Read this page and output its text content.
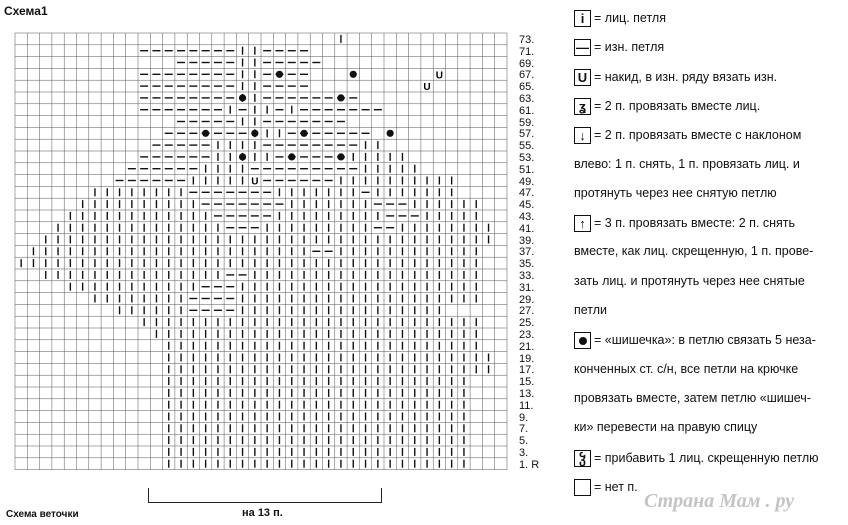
Схема1
U
U
U
73.
71.
69.
67.
65.
63.
61.
59.
57.
55.
53.
51.
49.
47.
45.
43.
41.
39.
37.
35.
33.
31.
29.
27.
25.
23.
21.
19.
17.
15.
13.
11.
9.
7.
5.
3.
1. R
на 13 п.
Схема веточки
i = лиц. петля
— = изн. петля
U = накид, в изн. ряду вязать изн.
ʓ = 2 п. провязать вместе лиц.
↓ = 2 п. провязать вместе с наклоном
влево: 1 п. снять, 1 п. провязать лиц. и
протянуть через нее снятую петлю
↑ = 3 п. провязать вместе: 2 п. снять
вместе, как лиц. скрещенную, 1 п. прове-
зать лиц. и протянуть через нее снятые
петли
= «шишечка»: в петлю связать 5 неза-
конченных ст. с/н, все петли на крючке
провязать вместе, затем петлю «шишеч-
ки» перевести на правую спицу
ჴ = прибавить 1 лиц. скрещенную петлю
= нет п.
Страна Мам . ру
